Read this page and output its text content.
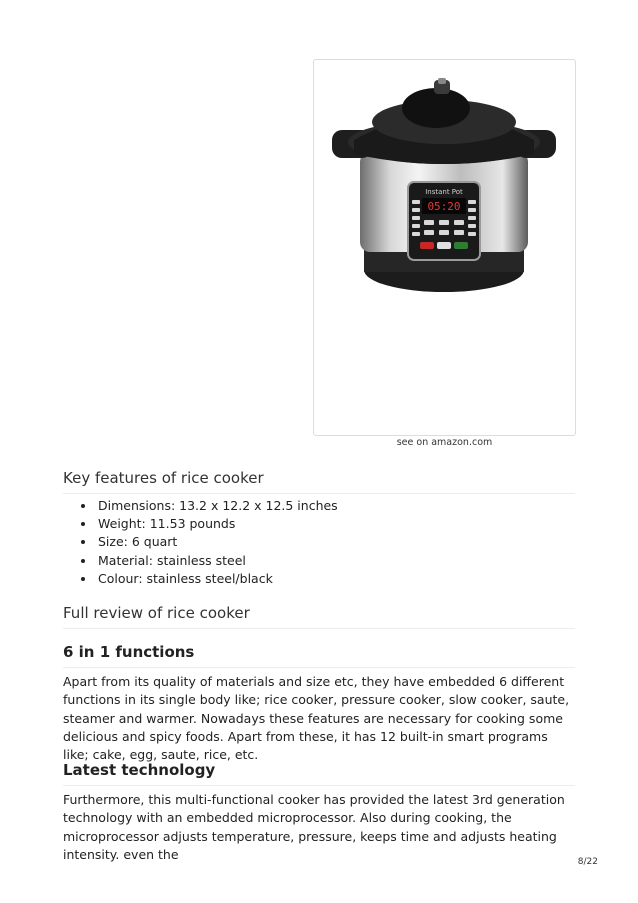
Instant Pot
05:20
see on amazon.com
Key features of rice cooker
• Dimensions: 13.2 x 12.2 x 12.5 inches
• Weight: 11.53 pounds
• Size: 6 quart
• Material: stainless steel
• Colour: stainless steel/black
Full review of rice cooker
6 in 1 functions

Apart from its quality of materials and size etc, they have embedded 6 different functions in its single body like; rice cooker, pressure cooker, slow cooker, saute, steamer and warmer. Nowadays these features are necessary for cooking some delicious and spicy foods. Apart from these, it has 12 built-in smart programs like; cake, egg, saute, rice, etc.

Latest technology

Furthermore, this multi-functional cooker has provided the latest 3rd generation technology with an embedded microprocessor. Also during cooking, the microprocessor adjusts temperature, pressure, keeps time and adjusts heating intensity. even the

8/22
